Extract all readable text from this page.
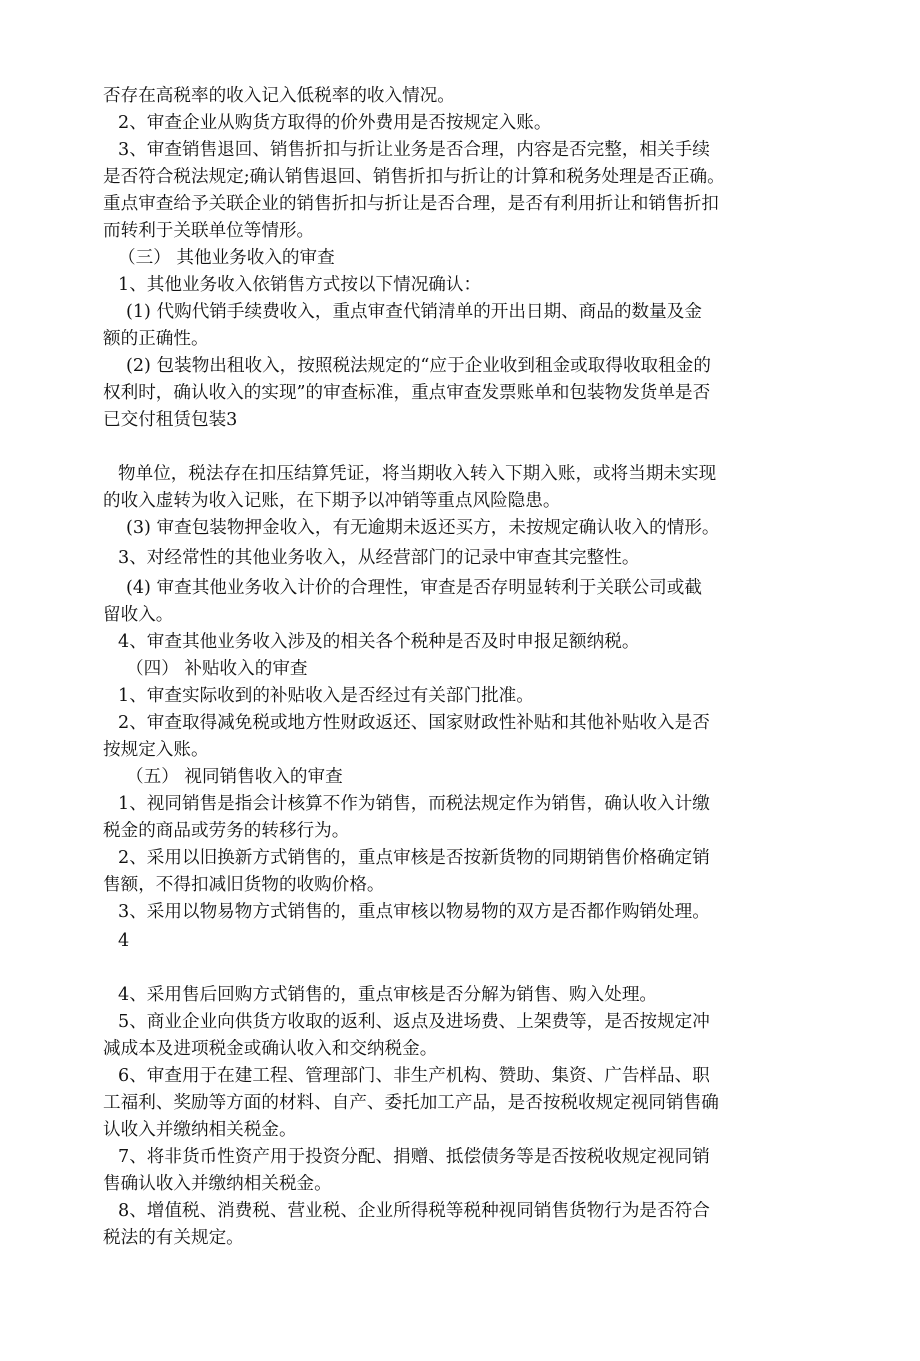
否存在高税率的收入记入低税率的收入情况。
2、审查企业从购货方取得的价外费用是否按规定入账。
3、审查销售退回、销售折扣与折让业务是否合理，内容是否完整，相关手续
是否符合税法规定;确认销售退回、销售折扣与折让的计算和税务处理是否正确。
重点审查给予关联企业的销售折扣与折让是否合理，是否有利用折让和销售折扣
而转利于关联单位等情形。
（三） 其他业务收入的审查
1、其他业务收入依销售方式按以下情况确认：
(1) 代购代销手续费收入，重点审查代销清单的开出日期、商品的数量及金
额的正确性。
(2) 包装物出租收入，按照税法规定的“应于企业收到租金或取得收取租金的
权利时，确认收入的实现”的审查标准，重点审查发票账单和包装物发货单是否
已交付租赁包装3
物单位，税法存在扣压结算凭证，将当期收入转入下期入账，或将当期未实现
的收入虚转为收入记账，在下期予以冲销等重点风险隐患。
(3) 审查包装物押金收入，有无逾期未返还买方，未按规定确认收入的情形。
3、对经常性的其他业务收入，从经营部门的记录中审查其完整性。
(4) 审查其他业务收入计价的合理性，审查是否存明显转利于关联公司或截
留收入。
4、审查其他业务收入涉及的相关各个税种是否及时申报足额纳税。
（四） 补贴收入的审查
1、审查实际收到的补贴收入是否经过有关部门批准。
2、审查取得减免税或地方性财政返还、国家财政性补贴和其他补贴收入是否
按规定入账。
（五） 视同销售收入的审查
1、视同销售是指会计核算不作为销售，而税法规定作为销售，确认收入计缴
税金的商品或劳务的转移行为。
2、采用以旧换新方式销售的，重点审核是否按新货物的同期销售价格确定销
售额，不得扣减旧货物的收购价格。
3、采用以物易物方式销售的，重点审核以物易物的双方是否都作购销处理。
4
4、采用售后回购方式销售的，重点审核是否分解为销售、购入处理。
5、商业企业向供货方收取的返利、返点及进场费、上架费等，是否按规定冲
减成本及进项税金或确认收入和交纳税金。
6、审查用于在建工程、管理部门、非生产机构、赞助、集资、广告样品、职
工福利、奖励等方面的材料、自产、委托加工产品，是否按税收规定视同销售确
认收入并缴纳相关税金。
7、将非货币性资产用于投资分配、捐赠、抵偿债务等是否按税收规定视同销
售确认收入并缴纳相关税金。
8、增值税、消费税、营业税、企业所得税等税种视同销售货物行为是否符合
税法的有关规定。
